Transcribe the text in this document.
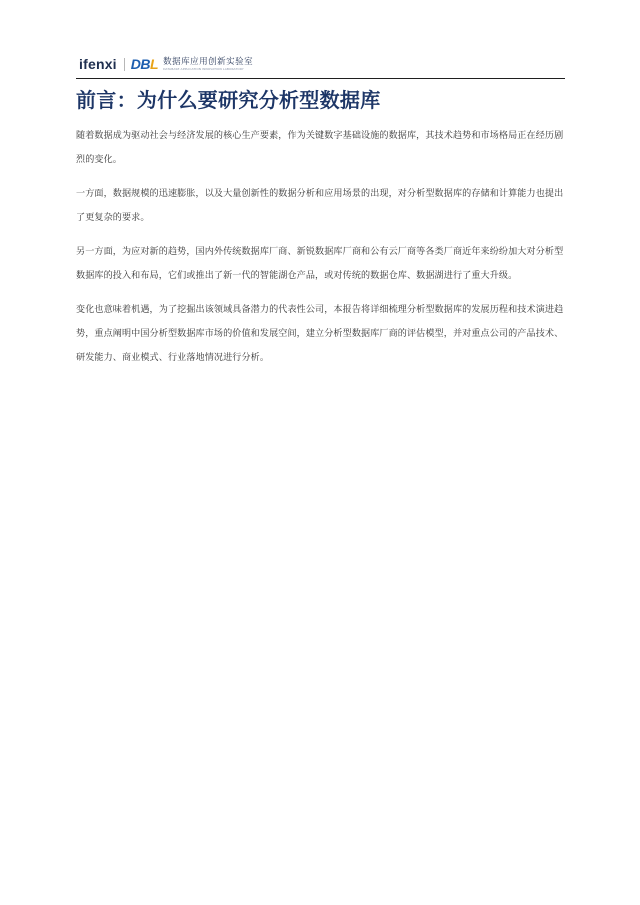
ifenxi DBL 数据库应用创新实验室
DATABASE APPLICATION INNOVATION LABORATORY
前言：为什么要研究分析型数据库

随着数据成为驱动社会与经济发展的核心生产要素，作为关键数字基础设施的数据库，其技术趋势和市场格局正在经历剧烈的变化。

一方面，数据规模的迅速膨胀，以及大量创新性的数据分析和应用场景的出现，对分析型数据库的存储和计算能力也提出了更复杂的要求。

另一方面，为应对新的趋势，国内外传统数据库厂商、新锐数据库厂商和公有云厂商等各类厂商近年来纷纷加大对分析型数据库的投入和布局，它们或推出了新一代的智能湖仓产品，或对传统的数据仓库、数据湖进行了重大升级。

变化也意味着机遇，为了挖掘出该领域具备潜力的代表性公司，本报告将详细梳理分析型数据库的发展历程和技术演进趋势，重点阐明中国分析型数据库市场的价值和发展空间，建立分析型数据库厂商的评估模型，并对重点公司的产品技术、研发能力、商业模式、行业落地情况进行分析。
